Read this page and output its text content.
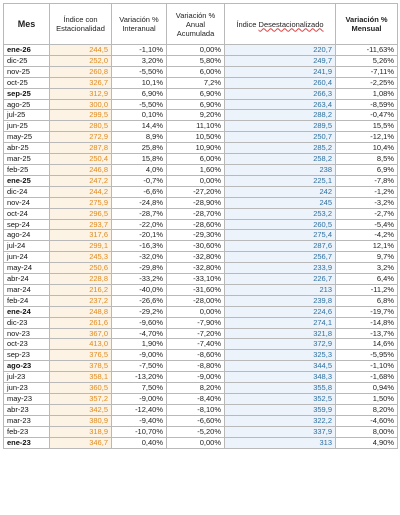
Mes	Índice con Estacionalidad	Variación % Interanual	Variación % Anual Acumulada	Índice Desestacionalizado	Variación % Mensual
ene-26	244,5	-1,10%	0,00%	220,7	-11,63%
dic-25	252,0	3,20%	5,80%	249,7	5,26%
nov-25	260,8	-5,50%	6,00%	241,9	-7,11%
oct-25	326,7	10,1%	7,2%	260,4	-2,25%
sep-25	312,9	6,90%	6,90%	266,3	1,08%
ago-25	300,0	-5,50%	6,90%	263,4	-8,59%
jul-25	299,5	0,10%	9,20%	288,2	-0,47%
jun-25	280,5	14,4%	11,10%	289,5	15,5%
may-25	272,9	8,9%	10,50%	250,7	-12,1%
abr-25	287,8	25,8%	10,90%	285,2	10,4%
mar-25	250,4	15,8%	6,00%	258,2	8,5%
feb-25	246,8	4,0%	1,60%	238	6,9%
ene-25	247,2	-0,7%	0,00%	225,1	-7,8%
dic-24	244,2	-6,6%	-27,20%	242	-1,2%
nov-24	275,9	-24,8%	-28,90%	245	-3,2%
oct-24	296,5	-28,7%	-28,70%	253,2	-2,7%
sep-24	293,7	-22,0%	-28,60%	260,5	-5,4%
ago-24	317,6	-20,1%	-29,30%	275,4	-4,2%
jul-24	299,1	-16,3%	-30,60%	287,6	12,1%
jun-24	245,3	-32,0%	-32,80%	256,7	9,7%
may-24	250,6	-29,8%	-32,80%	233,9	3,2%
abr-24	228,8	-33,2%	-33,10%	226,7	6,4%
mar-24	216,2	-40,0%	-31,60%	213	-11,2%
feb-24	237,2	-26,6%	-28,00%	239,8	6,8%
ene-24	248,8	-29,2%	0,00%	224,6	-19,7%
dic-23	261,6	-9,60%	-7,90%	274,1	-14,8%
nov-23	367,0	-4,70%	-7,20%	321,8	-13,7%
oct-23	413,0	1,90%	-7,40%	372,9	14,6%
sep-23	376,5	-9,00%	-8,60%	325,3	-5,95%
ago-23	378,5	-7,50%	-8,80%	344,5	-1,10%
jul-23	358,1	-13,20%	-9,00%	348,3	-1,68%
jun-23	360,5	7,50%	8,20%	355,8	0,94%
may-23	357,2	-9,00%	-8,40%	352,5	1,50%
abr-23	342,5	-12,40%	-8,10%	359,9	8,20%
mar-23	380,9	-9,40%	-6,60%	322,2	-4,60%
feb-23	318,9	-10,70%	-5,20%	337,9	8,00%
ene-23	346,7	0,40%	0,00%	313	4,90%
